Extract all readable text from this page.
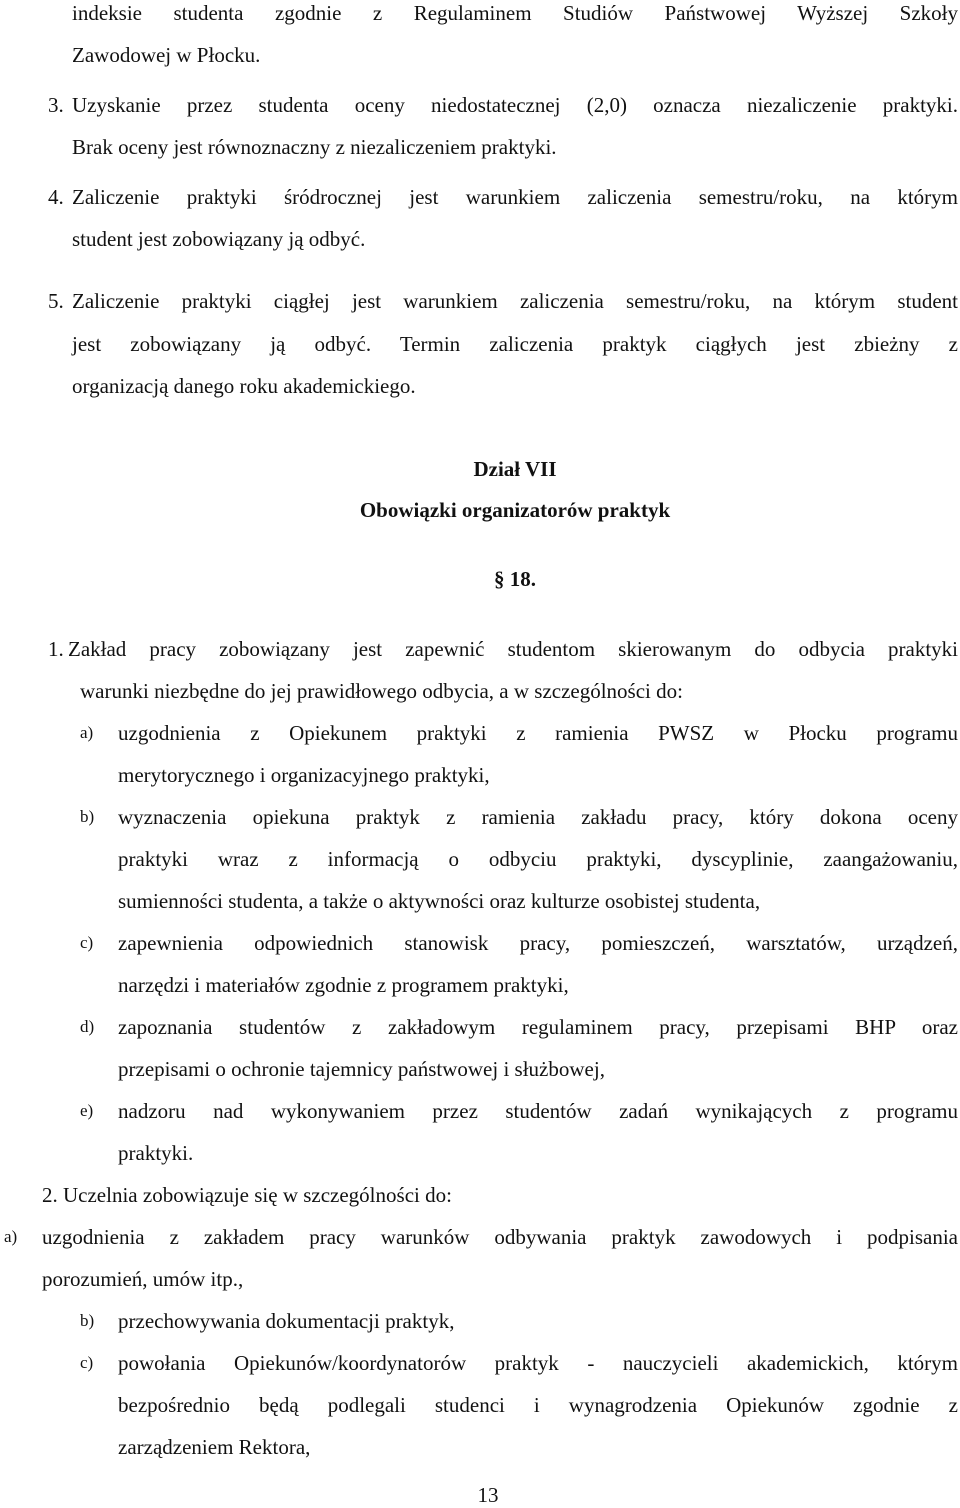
indeksie studenta zgodnie z Regulaminem Studiów Państwowej Wyższej Szkoły

Zawodowej w Płocku.

3. Uzyskanie przez studenta oceny niedostatecznej (2,0) oznacza niezaliczenie praktyki.

Brak oceny jest równoznaczny z niezaliczeniem praktyki.

4. Zaliczenie praktyki śródrocznej jest warunkiem zaliczenia semestru/roku, na którym

student jest zobowiązany ją odbyć.

5. Zaliczenie praktyki ciągłej jest warunkiem zaliczenia semestru/roku, na którym student

jest zobowiązany ją odbyć. Termin zaliczenia praktyk ciągłych jest zbieżny z

organizacją danego roku akademickiego.

Dział VII
Obowiązki organizatorów praktyk
§ 18.
1. Zakład pracy zobowiązany jest zapewnić studentom skierowanym do odbycia praktyki

warunki niezbędne do jej prawidłowego odbycia, a w szczególności do:

a) uzgodnienia z Opiekunem praktyki z ramienia PWSZ w Płocku programu

merytorycznego i organizacyjnego praktyki,

b) wyznaczenia opiekuna praktyk z ramienia zakładu pracy, który dokona oceny

praktyki wraz z informacją o odbyciu praktyki, dyscyplinie, zaangażowaniu,

sumienności studenta, a także o aktywności oraz kulturze osobistej studenta,

c) zapewnienia odpowiednich stanowisk pracy, pomieszczeń, warsztatów, urządzeń,

narzędzi i materiałów zgodnie z programem praktyki,

d) zapoznania studentów z zakładowym regulaminem pracy, przepisami BHP oraz

przepisami o ochronie tajemnicy państwowej i służbowej,

e) nadzoru nad wykonywaniem przez studentów zadań wynikających z programu

praktyki.

2. Uczelnia zobowiązuje się w szczególności do:

a) uzgodnienia z zakładem pracy warunków odbywania praktyk zawodowych i podpisania

porozumień, umów itp.,

b) przechowywania dokumentacji praktyk,

c) powołania Opiekunów/koordynatorów praktyk - nauczycieli akademickich, którym

bezpośrednio będą podlegali studenci i wynagrodzenia Opiekunów zgodnie z

zarządzeniem Rektora,

13
